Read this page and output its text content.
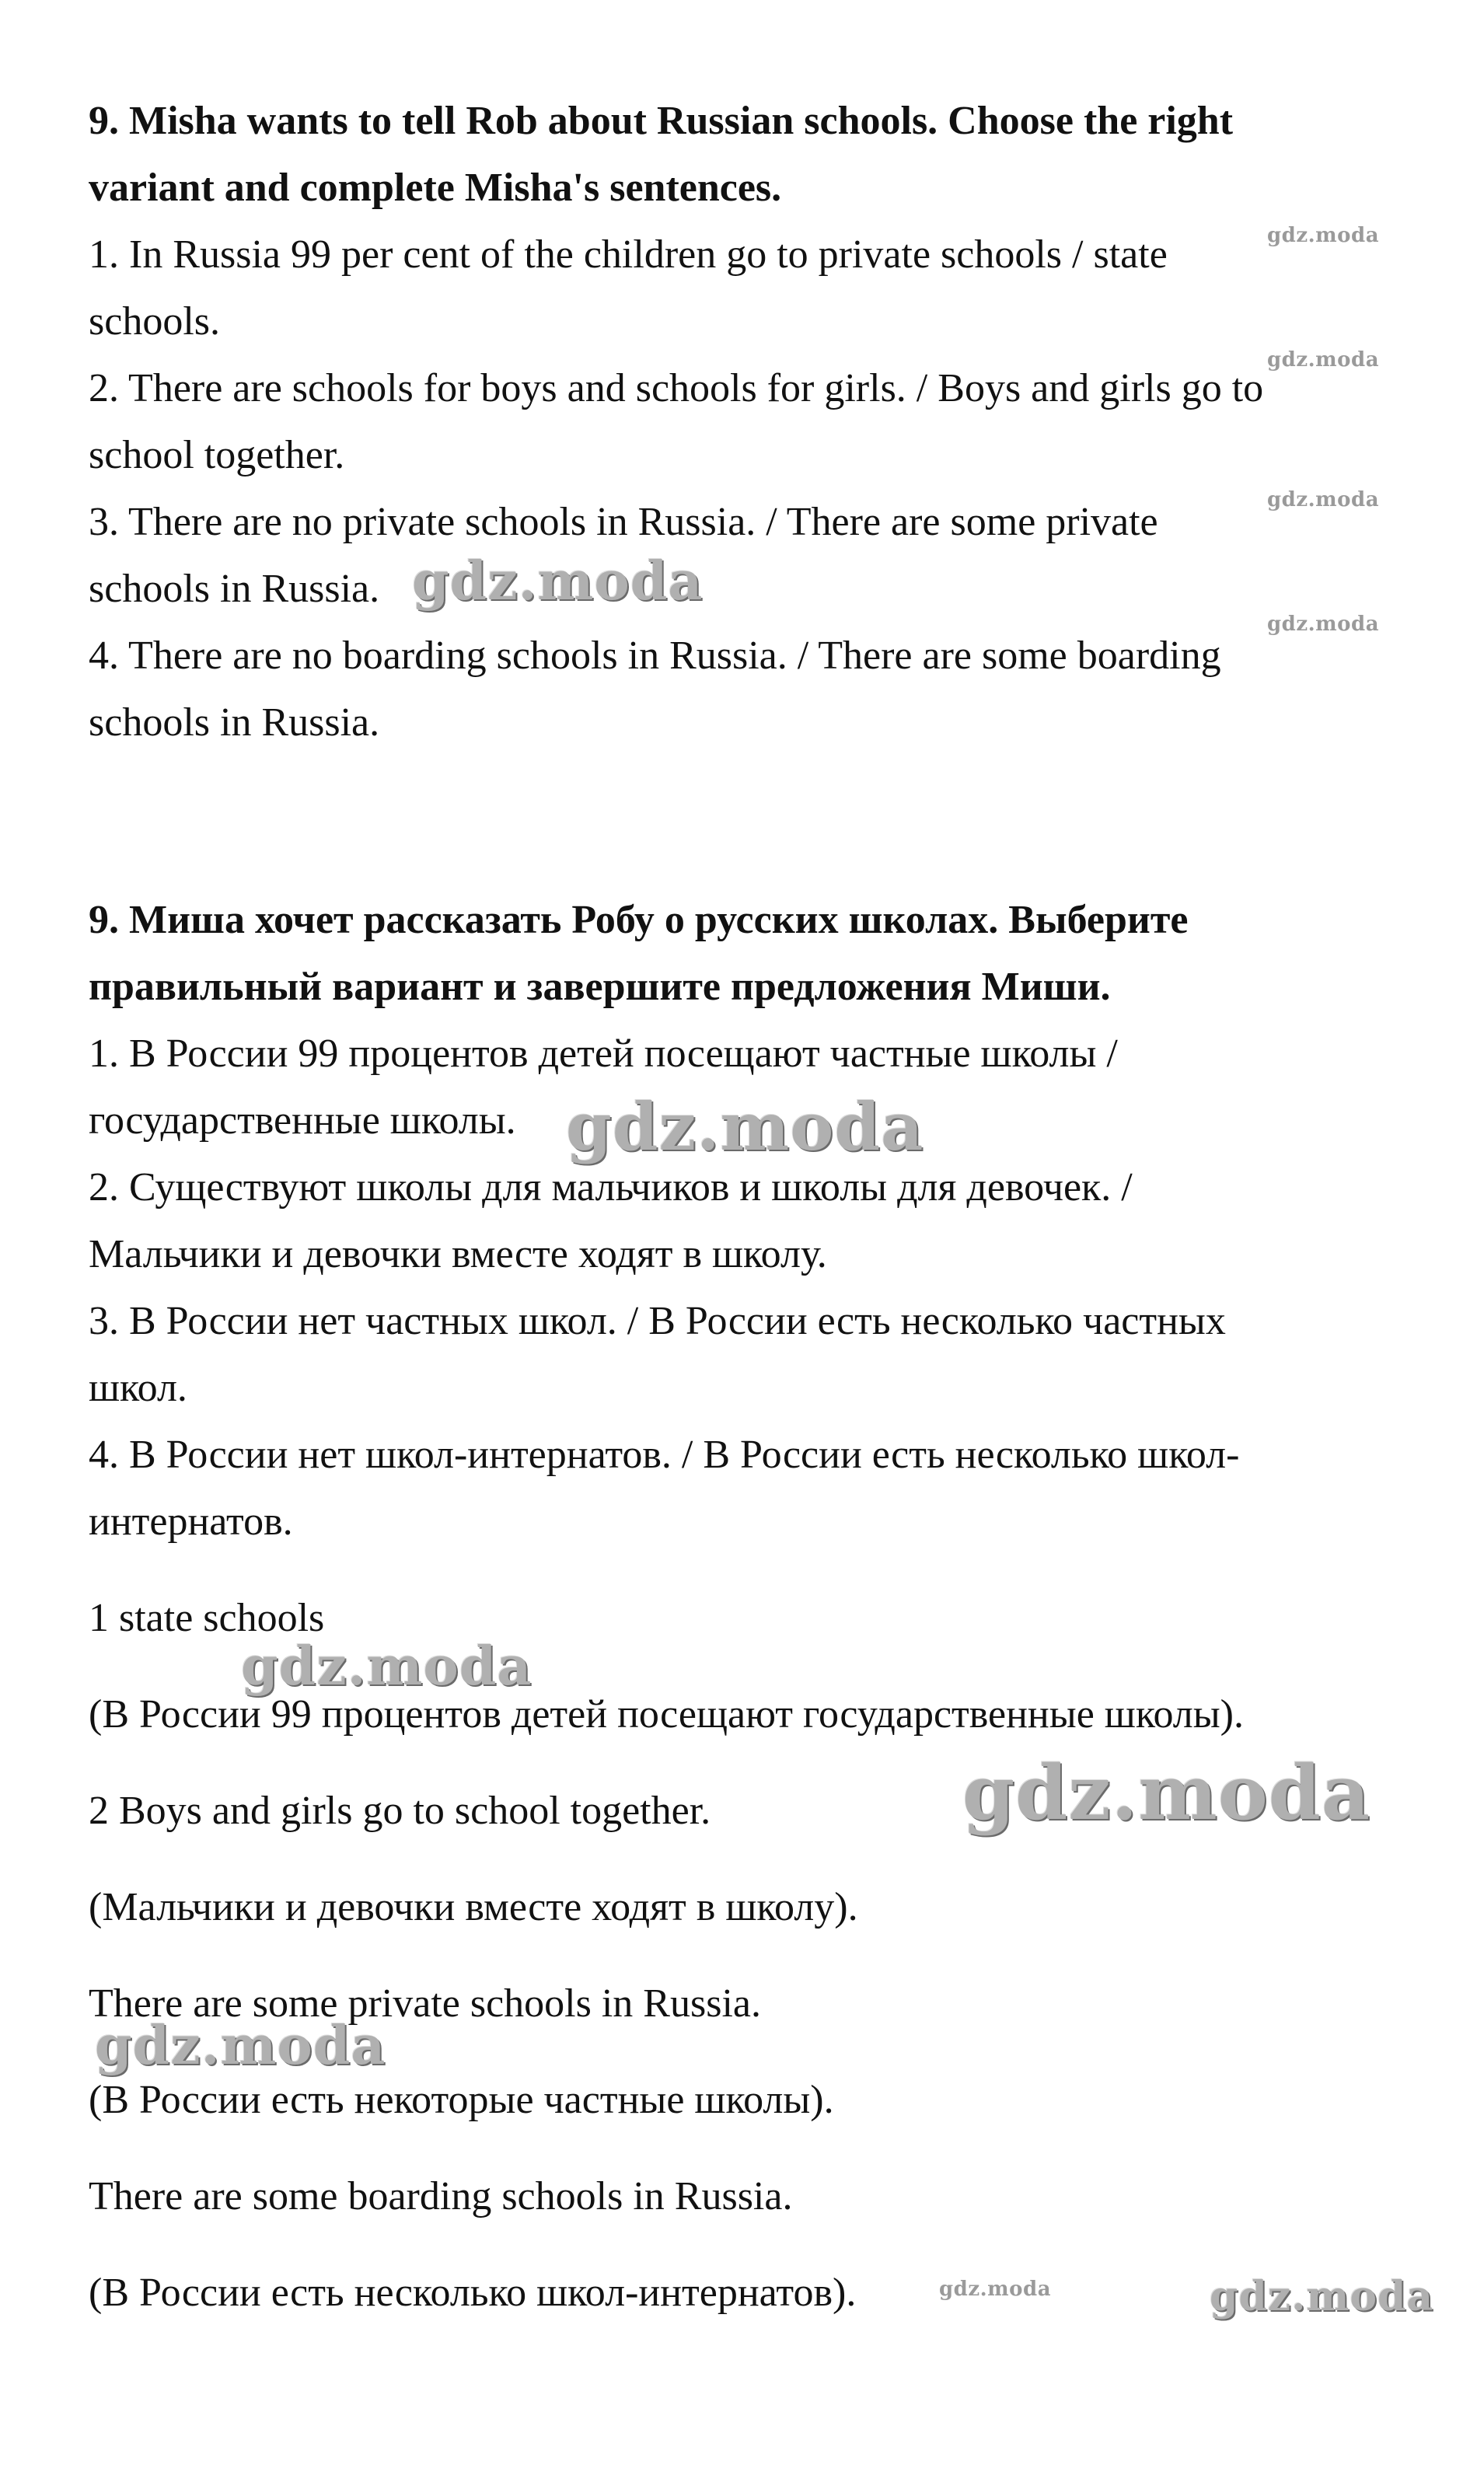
9. Misha wants to tell Rob about Russian schools. Choose the right
variant and complete Misha's sentences.
1. In Russia 99 per cent of the children go to private schools / state
schools.
2. There are schools for boys and schools for girls. / Boys and girls go to
school together.
3. There are no private schools in Russia. / There are some private
schools in Russia.
4. There are no boarding schools in Russia. / There are some boarding
schools in Russia.
9. Миша хочет рассказать Робу о русских школах. Выберите
правильный вариант и завершите предложения Миши.
1. В России 99 процентов детей посещают частные школы /
государственные школы.
2. Существуют школы для мальчиков и школы для девочек. /
Мальчики и девочки вместе ходят в школу.
3. В России нет частных школ. / В России есть несколько частных
школ.
4. В России нет школ-интернатов. / В России есть несколько школ-
интернатов.
1 state schools
(В России 99 процентов детей посещают государственные школы).
2 Boys and girls go to school together.
(Мальчики и девочки вместе ходят в школу).
There are some private schools in Russia.
(В России есть некоторые частные школы).
There are some boarding schools in Russia.
(В России есть несколько школ-интернатов).
gdz.moda
gdz.moda
gdz.moda
gdz.moda
gdz.moda
gdz.moda
gdz.moda
gdz.moda
gdz.moda
gdz.moda	gdz.moda
